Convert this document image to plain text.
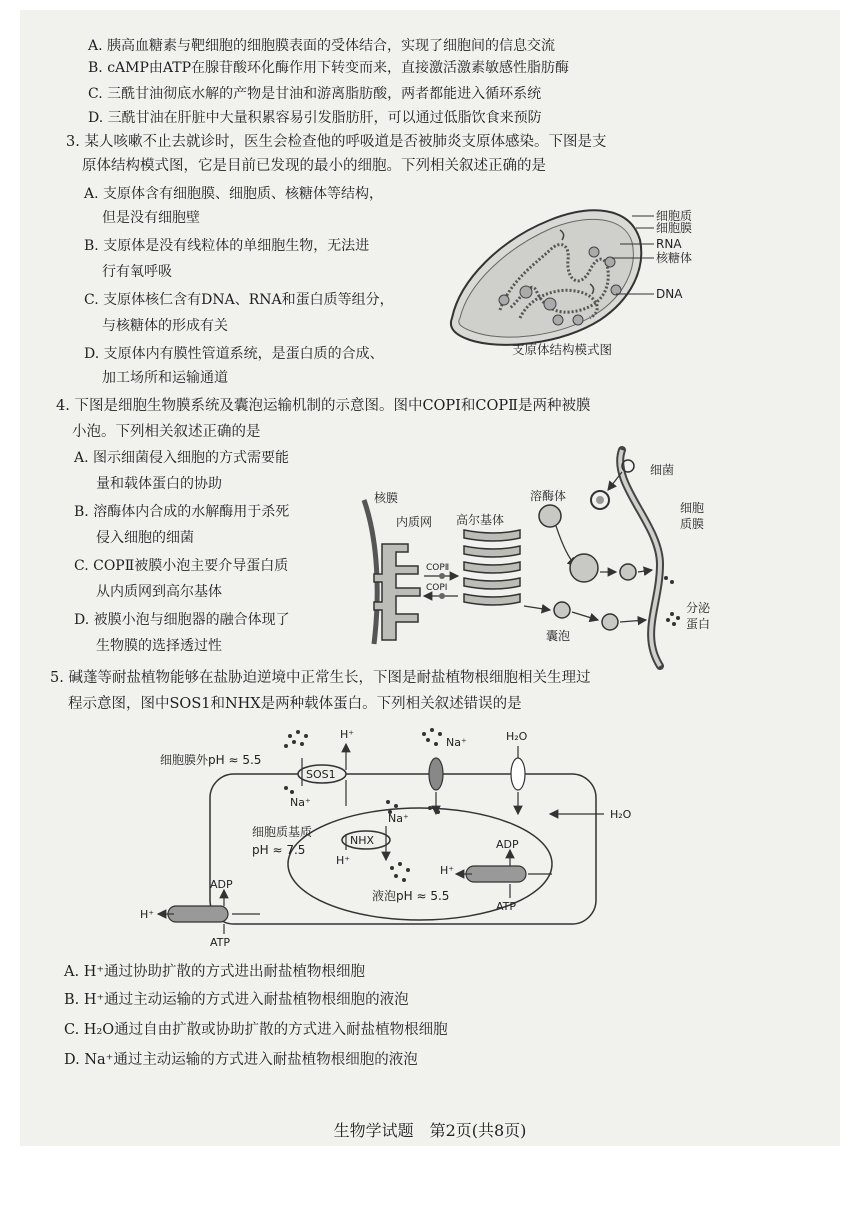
A. 胰高血糖素与靶细胞的细胞膜表面的受体结合，实现了细胞间的信息交流
B. cAMP由ATP在腺苷酸环化酶作用下转变而来，直接激活激素敏感性脂肪酶
C. 三酰甘油彻底水解的产物是甘油和游离脂肪酸，两者都能进入循环系统
D. 三酰甘油在肝脏中大量积累容易引发脂肪肝，可以通过低脂饮食来预防
3. 某人咳嗽不止去就诊时，医生会检查他的呼吸道是否被肺炎支原体感染。下图是支
原体结构模式图，它是目前已发现的最小的细胞。下列相关叙述正确的是
A. 支原体含有细胞膜、细胞质、核糖体等结构，
但是没有细胞壁
B. 支原体是没有线粒体的单细胞生物，无法进
行有氧呼吸
C. 支原体核仁含有DNA、RNA和蛋白质等组分，
与核糖体的形成有关
D. 支原体内有膜性管道系统，是蛋白质的合成、
加工场所和运输通道
细胞质
细胞膜
RNA
核糖体
DNA
支原体结构模式图
4. 下图是细胞生物膜系统及囊泡运输机制的示意图。图中COPⅠ和COPⅡ是两种被膜
小泡。下列相关叙述正确的是
A. 图示细菌侵入细胞的方式需要能
量和载体蛋白的协助
B. 溶酶体内合成的水解酶用于杀死
侵入细胞的细菌
C. COPⅡ被膜小泡主要介导蛋白质
从内质网到高尔基体
D. 被膜小泡与细胞器的融合体现了
生物膜的选择透过性
细菌
核膜
内质网 高尔基体
溶酶体
细胞
质膜
COPⅡ
COPⅠ
囊泡
分泌
蛋白
5. 碱蓬等耐盐植物能够在盐胁迫逆境中正常生长，下图是耐盐植物根细胞相关生理过
程示意图，图中SOS1和NHX是两种载体蛋白。下列相关叙述错误的是
细胞膜外pH ≈ 5.5
SOS1
H⁺
Na⁺
Na⁺	H₂O
H₂O
细胞质基质
pH ≈ 7.5
NHX
Na⁺
H⁺
液泡pH ≈ 5.5
H⁺
ADP
ATP
ADP
ATP
H⁺
A. H⁺通过协助扩散的方式进出耐盐植物根细胞
B. H⁺通过主动运输的方式进入耐盐植物根细胞的液泡
C. H₂O通过自由扩散或协助扩散的方式进入耐盐植物根细胞
D. Na⁺通过主动运输的方式进入耐盐植物根细胞的液泡
生物学试题　第2页(共8页)
